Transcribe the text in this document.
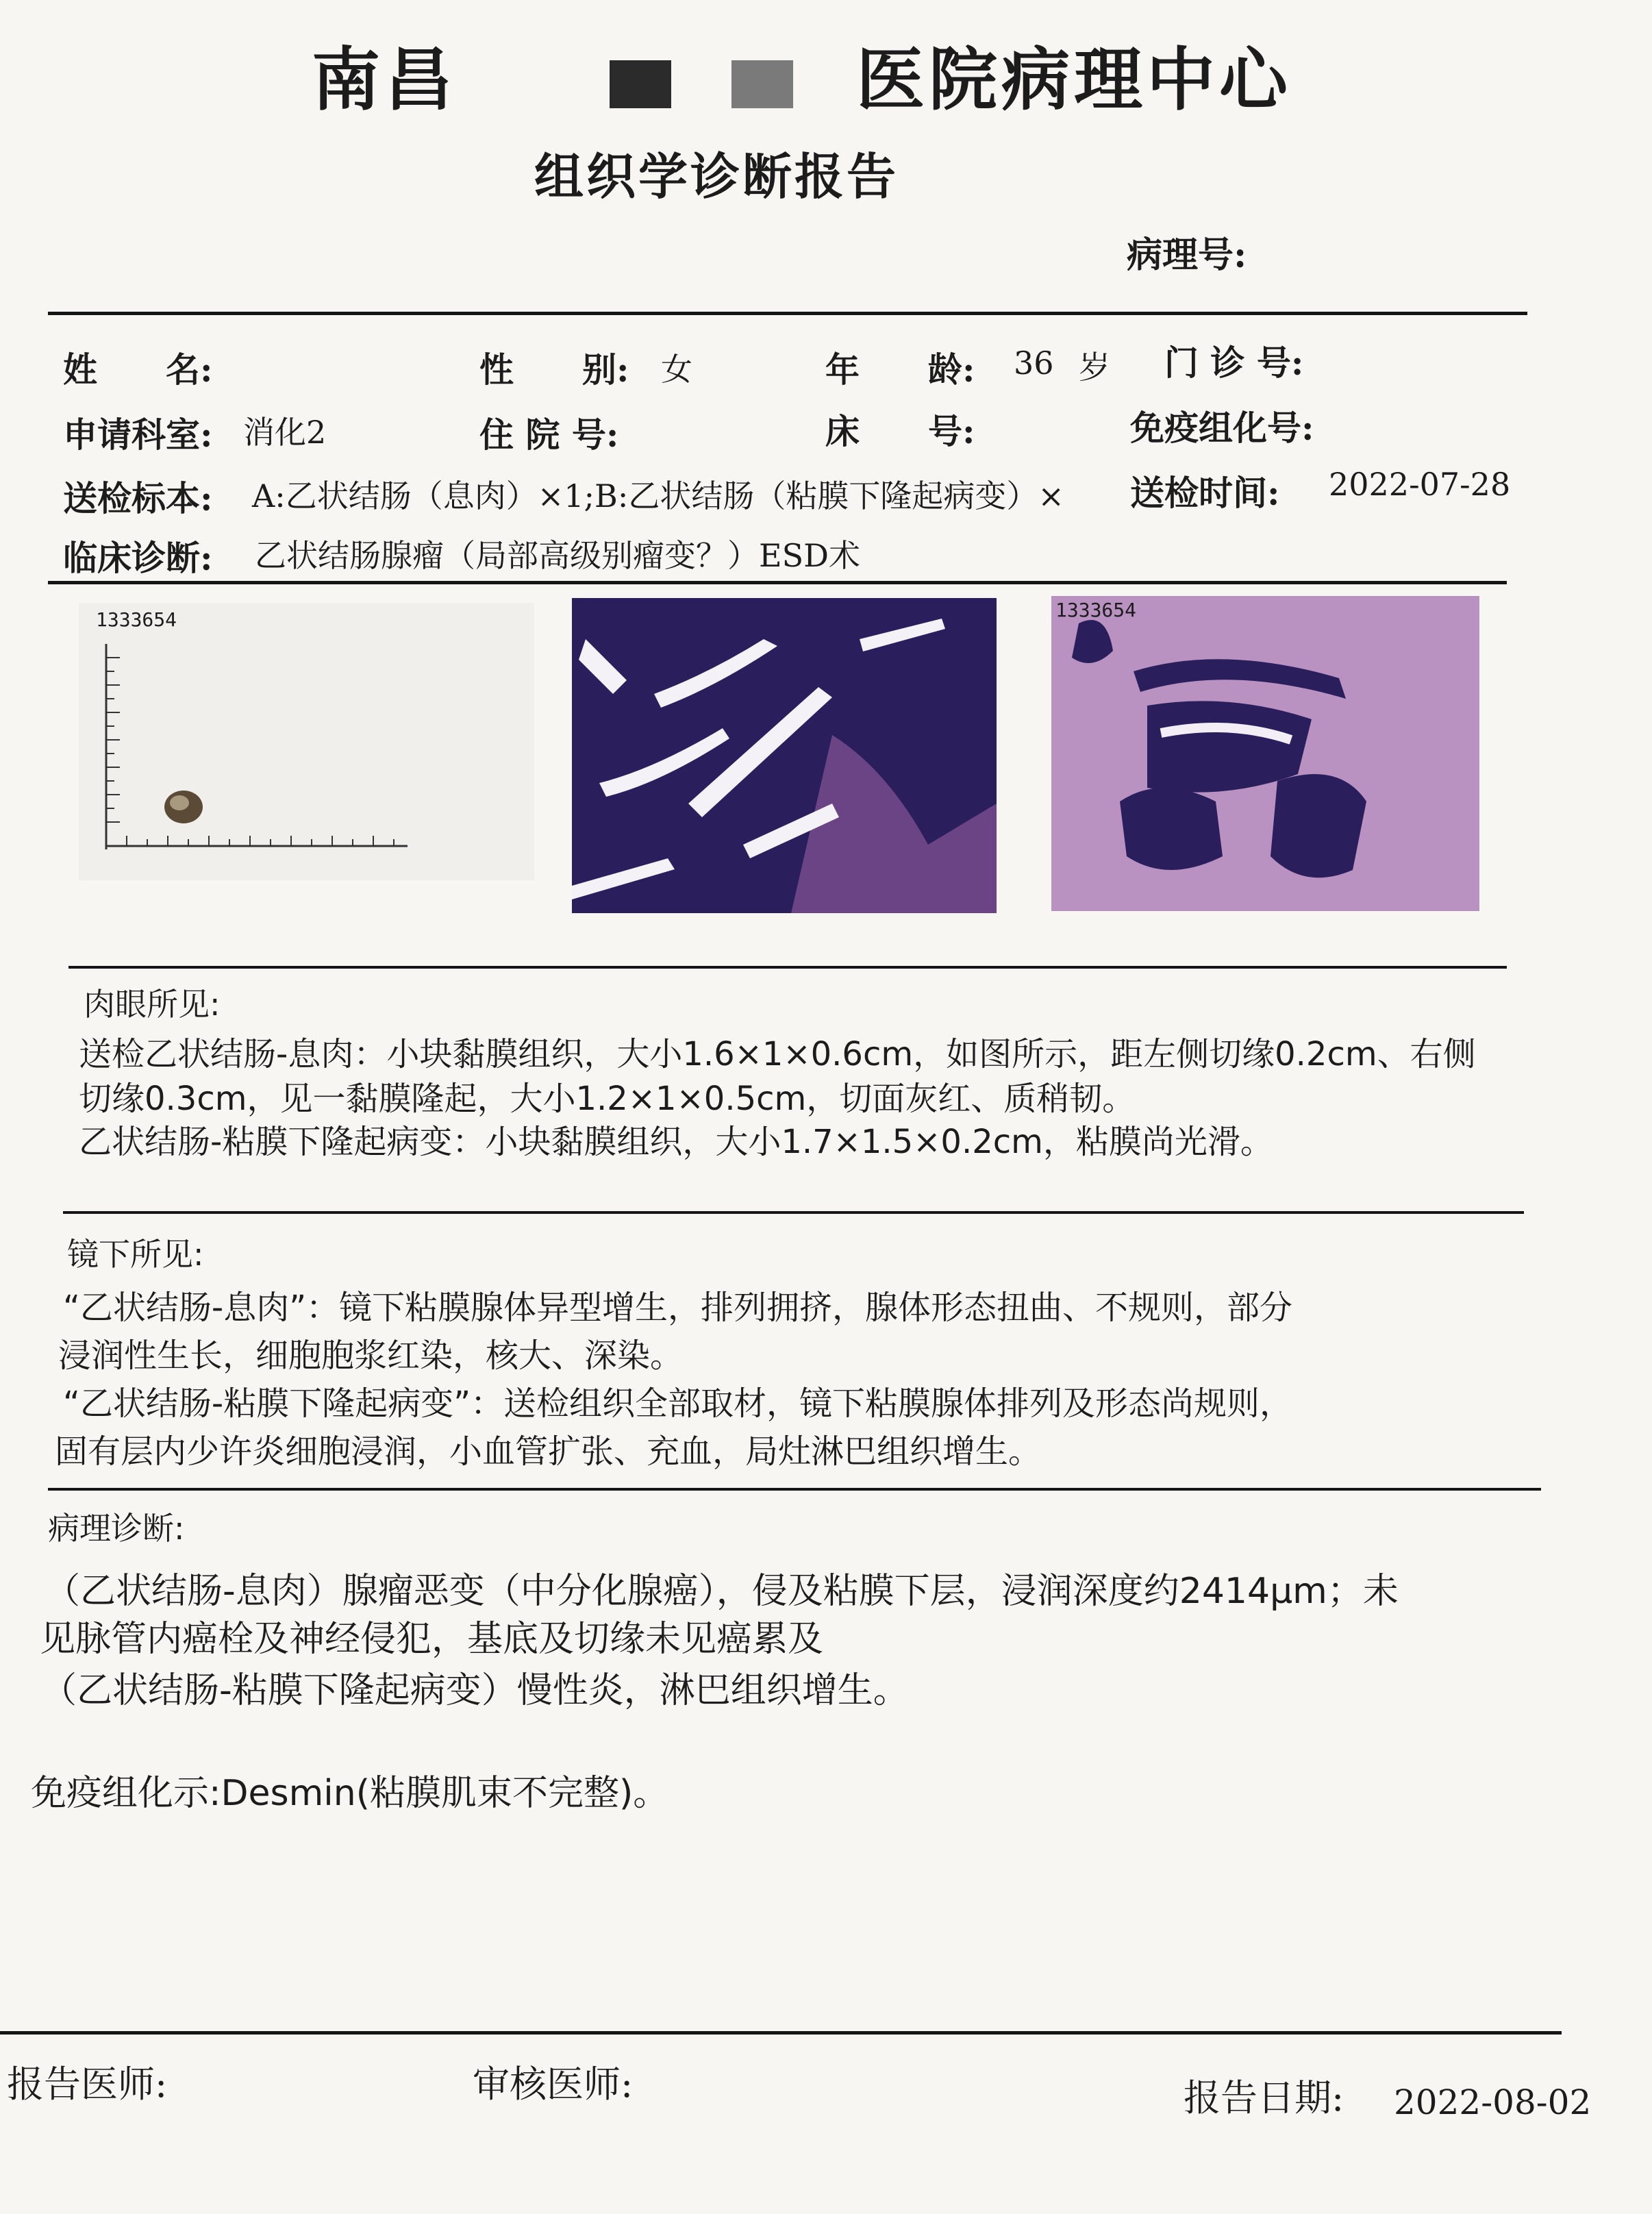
南昌	医院病理中心
组织学诊断报告
病理号:
姓　　名:	性　　别: 女	年　　龄: 36 岁 门 诊 号:
申请科室: 消化2	住 院 号:	床　　号:	免疫组化号:
送检标本: A:乙状结肠（息肉）×1;B:乙状结肠（粘膜下隆起病变）× 送检时间: 2022-07-28
临床诊断: 乙状结肠腺瘤（局部高级别瘤变？）ESD术
1333654	1333654
肉眼所见:
送检乙状结肠-息肉：小块黏膜组织，大小1.6×1×0.6cm，如图所示，距左侧切缘0.2cm、右侧
切缘0.3cm，见一黏膜隆起，大小1.2×1×0.5cm，切面灰红、质稍韧。
乙状结肠-粘膜下隆起病变：小块黏膜组织，大小1.7×1.5×0.2cm，粘膜尚光滑。
镜下所见:
“乙状结肠-息肉”：镜下粘膜腺体异型增生，排列拥挤，腺体形态扭曲、不规则，部分
浸润性生长，细胞胞浆红染，核大、深染。
“乙状结肠-粘膜下隆起病变”：送检组织全部取材，镜下粘膜腺体排列及形态尚规则，
固有层内少许炎细胞浸润，小血管扩张、充血，局灶淋巴组织增生。
病理诊断:
（乙状结肠-息肉）腺瘤恶变（中分化腺癌），侵及粘膜下层，浸润深度约2414μm；未
见脉管内癌栓及神经侵犯，基底及切缘未见癌累及
（乙状结肠-粘膜下隆起病变）慢性炎，淋巴组织增生。
免疫组化示:Desmin(粘膜肌束不完整)。
报告医师:	审核医师:	报告日期: 2022-08-02
